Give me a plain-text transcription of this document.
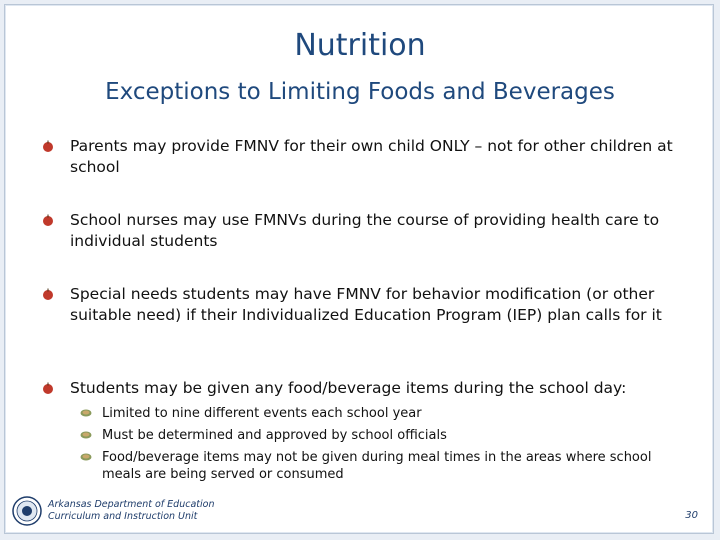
Nutrition
Exceptions to Limiting Foods and Beverages
Parents may provide FMNV for their own child ONLY – not for other children at school
School nurses may use FMNVs during the course of providing health care to individual students
Special needs students may have FMNV for behavior modification (or other suitable need) if their Individualized Education Program (IEP) plan calls for it
Students may be given any food/beverage items during the school day:
Limited to nine different events each school year
Must be determined and approved by school officials
Food/beverage items may not be given during meal times in the areas where school meals are being served or consumed
Arkansas Department of Education
Curriculum and Instruction Unit	30
